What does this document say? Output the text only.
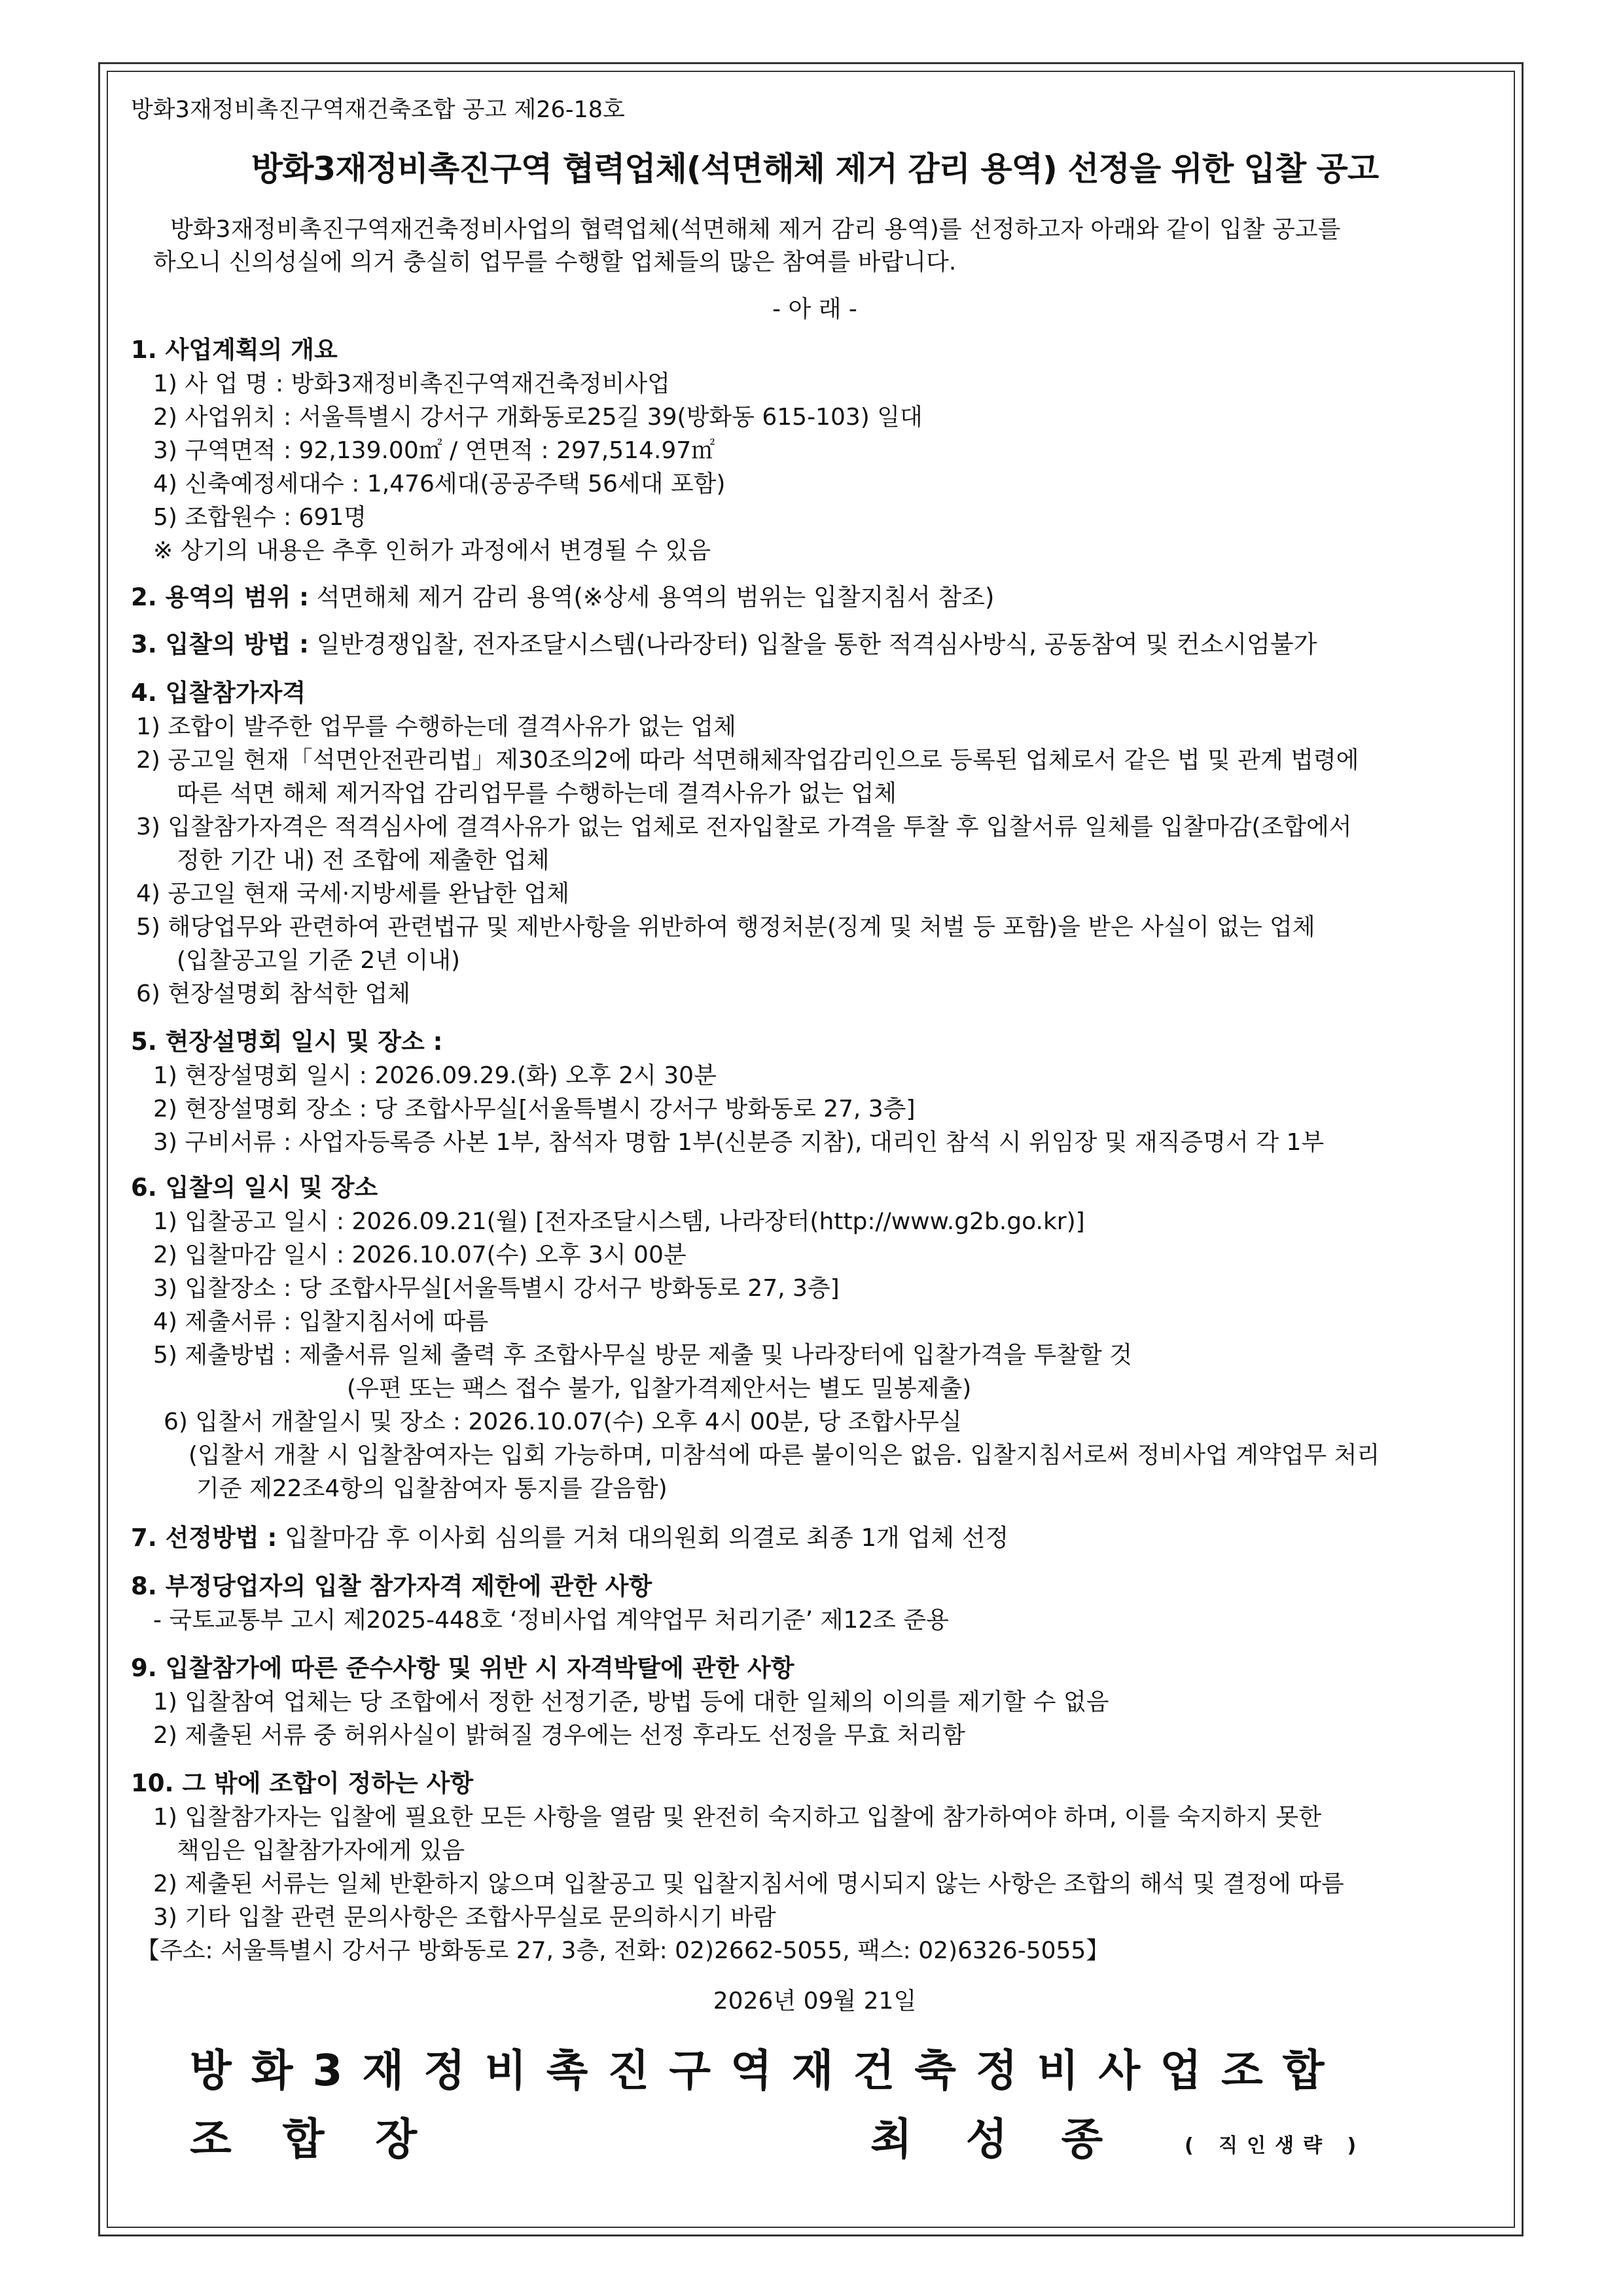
방화3재정비촉진구역재건축조합 공고 제26-18호
방화3재정비촉진구역 협력업체(석면해체 제거 감리 용역) 선정을 위한 입찰 공고
방화3재정비촉진구역재건축정비사업의 협력업체(석면해체 제거 감리 용역)를 선정하고자 아래와 같이 입찰 공고를
하오니 신의성실에 의거 충실히 업무를 수행할 업체들의 많은 참여를 바랍니다.
- 아 래 -
1. 사업계획의 개요
1) 사 업 명 : 방화3재정비촉진구역재건축정비사업
2) 사업위치 : 서울특별시 강서구 개화동로25길 39(방화동 615-103) 일대
3) 구역면적 : 92,139.00㎡ / 연면적 : 297,514.97㎡
4) 신축예정세대수 : 1,476세대(공공주택 56세대 포함)
5) 조합원수 : 691명
※ 상기의 내용은 추후 인허가 과정에서 변경될 수 있음
2. 용역의 범위 : 석면해체 제거 감리 용역(※상세 용역의 범위는 입찰지침서 참조)
3. 입찰의 방법 : 일반경쟁입찰, 전자조달시스템(나라장터) 입찰을 통한 적격심사방식, 공동참여 및 컨소시엄불가
4. 입찰참가자격
1) 조합이 발주한 업무를 수행하는데 결격사유가 없는 업체
2) 공고일 현재「석면안전관리법」제30조의2에 따라 석면해체작업감리인으로 등록된 업체로서 같은 법 및 관계 법령에
따른 석면 해체 제거작업 감리업무를 수행하는데 결격사유가 없는 업체
3) 입찰참가자격은 적격심사에 결격사유가 없는 업체로 전자입찰로 가격을 투찰 후 입찰서류 일체를 입찰마감(조합에서
정한 기간 내) 전 조합에 제출한 업체
4) 공고일 현재 국세·지방세를 완납한 업체
5) 해당업무와 관련하여 관련법규 및 제반사항을 위반하여 행정처분(징계 및 처벌 등 포함)을 받은 사실이 없는 업체
(입찰공고일 기준 2년 이내)
6) 현장설명회 참석한 업체
5. 현장설명회 일시 및 장소 :
1) 현장설명회 일시 : 2026.09.29.(화) 오후 2시 30분
2) 현장설명회 장소 : 당 조합사무실[서울특별시 강서구 방화동로 27, 3층]
3) 구비서류 : 사업자등록증 사본 1부, 참석자 명함 1부(신분증 지참), 대리인 참석 시 위임장 및 재직증명서 각 1부
6. 입찰의 일시 및 장소
1) 입찰공고 일시 : 2026.09.21(월) [전자조달시스템, 나라장터(http://www.g2b.go.kr)]
2) 입찰마감 일시 : 2026.10.07(수) 오후 3시 00분
3) 입찰장소 : 당 조합사무실[서울특별시 강서구 방화동로 27, 3층]
4) 제출서류 : 입찰지침서에 따름
5) 제출방법 : 제출서류 일체 출력 후 조합사무실 방문 제출 및 나라장터에 입찰가격을 투찰할 것
(우편 또는 팩스 접수 불가, 입찰가격제안서는 별도 밀봉제출)
6) 입찰서 개찰일시 및 장소 : 2026.10.07(수) 오후 4시 00분, 당 조합사무실
(입찰서 개찰 시 입찰참여자는 입회 가능하며, 미참석에 따른 불이익은 없음. 입찰지침서로써 정비사업 계약업무 처리
기준 제22조4항의 입찰참여자 통지를 갈음함)
7. 선정방법 : 입찰마감 후 이사회 심의를 거쳐 대의원회 의결로 최종 1개 업체 선정
8. 부정당업자의 입찰 참가자격 제한에 관한 사항
- 국토교통부 고시 제2025-448호 ‘정비사업 계약업무 처리기준’ 제12조 준용
9. 입찰참가에 따른 준수사항 및 위반 시 자격박탈에 관한 사항
1) 입찰참여 업체는 당 조합에서 정한 선정기준, 방법 등에 대한 일체의 이의를 제기할 수 없음
2) 제출된 서류 중 허위사실이 밝혀질 경우에는 선정 후라도 선정을 무효 처리함
10. 그 밖에 조합이 정하는 사항
1) 입찰참가자는 입찰에 필요한 모든 사항을 열람 및 완전히 숙지하고 입찰에 참가하여야 하며, 이를 숙지하지 못한
책임은 입찰참가자에게 있음
2) 제출된 서류는 일체 반환하지 않으며 입찰공고 및 입찰지침서에 명시되지 않는 사항은 조합의 해석 및 결정에 따름
3) 기타 입찰 관련 문의사항은 조합사무실로 문의하시기 바람
【주소: 서울특별시 강서구 방화동로 27, 3층, 전화: 02)2662-5055, 팩스: 02)6326-5055】
2026년 09월 21일
방화3재정비촉진구역재건축정비사업조합
조합장	최성종 ( 직인생략 )
